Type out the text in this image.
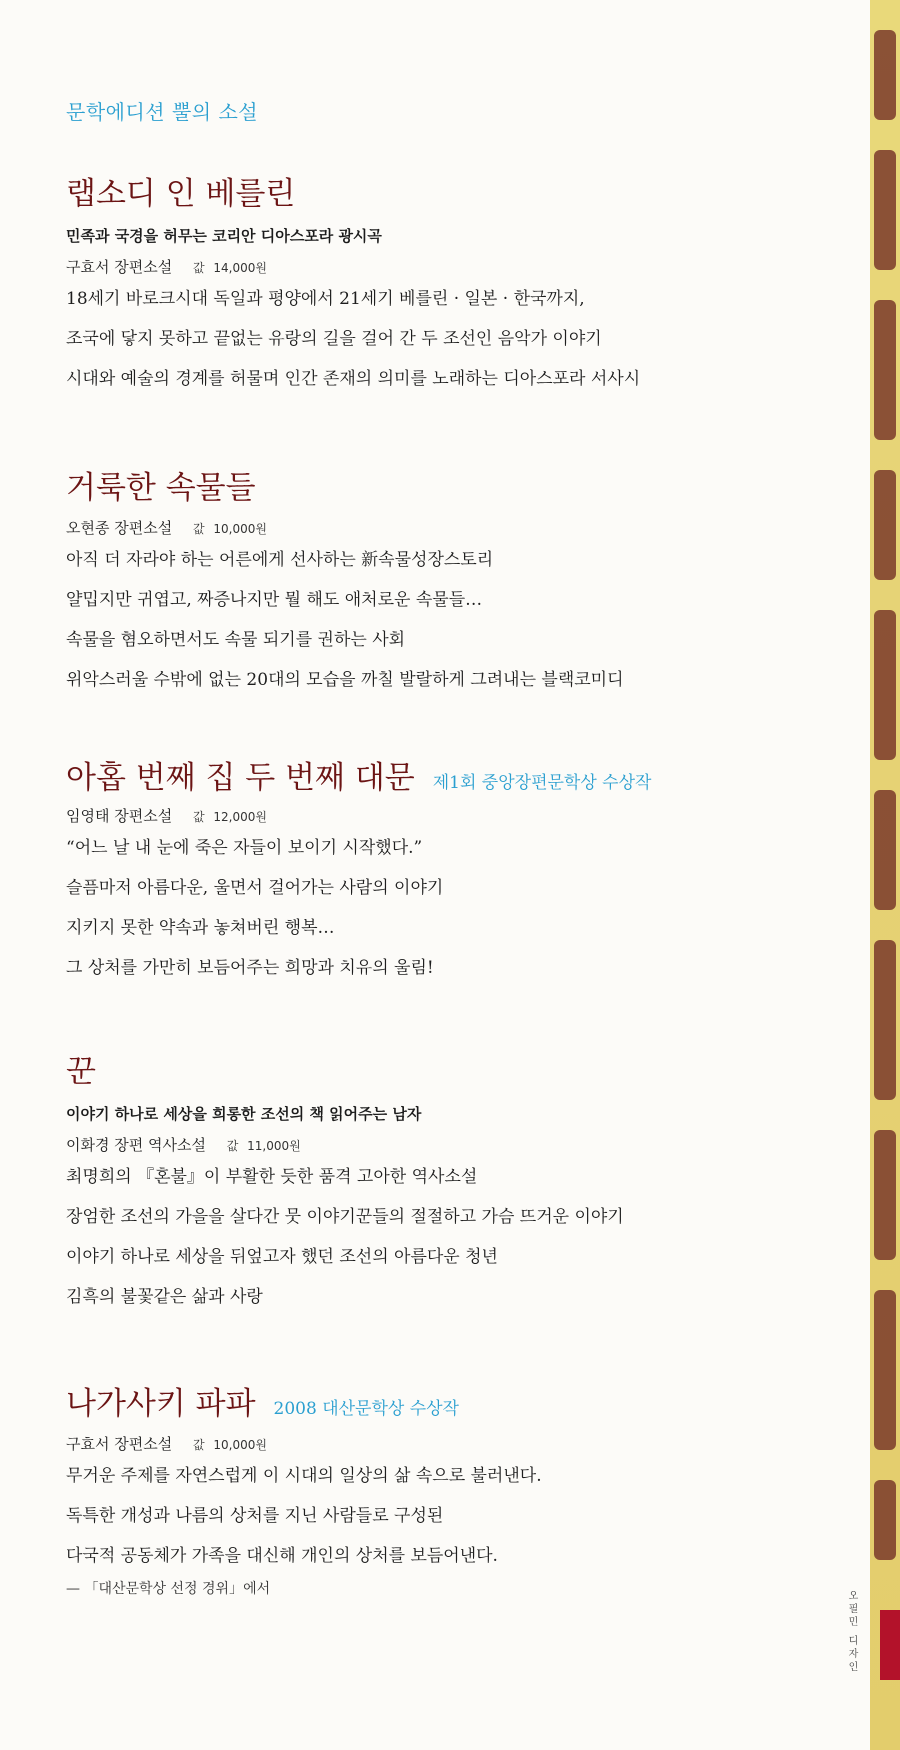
문학에디션 뿔의 소설
랩소디 인 베를린
민족과 국경을 허무는 코리안 디아스포라 광시곡
구효서 장편소설 값 14,000원
18세기 바로크시대 독일과 평양에서 21세기 베를린 · 일본 · 한국까지,
조국에 닿지 못하고 끝없는 유랑의 길을 걸어 간 두 조선인 음악가 이야기
시대와 예술의 경계를 허물며 인간 존재의 의미를 노래하는 디아스포라 서사시
거룩한 속물들
오현종 장편소설 값 10,000원
아직 더 자라야 하는 어른에게 선사하는 新속물성장스토리
얄밉지만 귀엽고, 짜증나지만 뭘 해도 애처로운 속물들…
속물을 혐오하면서도 속물 되기를 권하는 사회
위악스러울 수밖에 없는 20대의 모습을 까칠 발랄하게 그려내는 블랙코미디
아홉 번째 집 두 번째 대문 제1회 중앙장편문학상 수상작
임영태 장편소설 값 12,000원
“어느 날 내 눈에 죽은 자들이 보이기 시작했다.”
슬픔마저 아름다운, 울면서 걸어가는 사람의 이야기
지키지 못한 약속과 놓쳐버린 행복…
그 상처를 가만히 보듬어주는 희망과 치유의 울림!
꾼
이야기 하나로 세상을 희롱한 조선의 책 읽어주는 남자
이화경 장편 역사소설 값 11,000원
최명희의 『혼불』이 부활한 듯한 품격 고아한 역사소설
장엄한 조선의 가을을 살다간 뭇 이야기꾼들의 절절하고 가슴 뜨거운 이야기
이야기 하나로 세상을 뒤엎고자 했던 조선의 아름다운 청년
김흑의 불꽃같은 삶과 사랑
나가사키 파파 2008 대산문학상 수상작
구효서 장편소설 값 10,000원
무거운 주제를 자연스럽게 이 시대의 일상의 삶 속으로 불러낸다.
독특한 개성과 나름의 상처를 지닌 사람들로 구성된
다국적 공동체가 가족을 대신해 개인의 상처를 보듬어낸다.
— 「대산문학상 선정 경위」에서
오필민 디자인
